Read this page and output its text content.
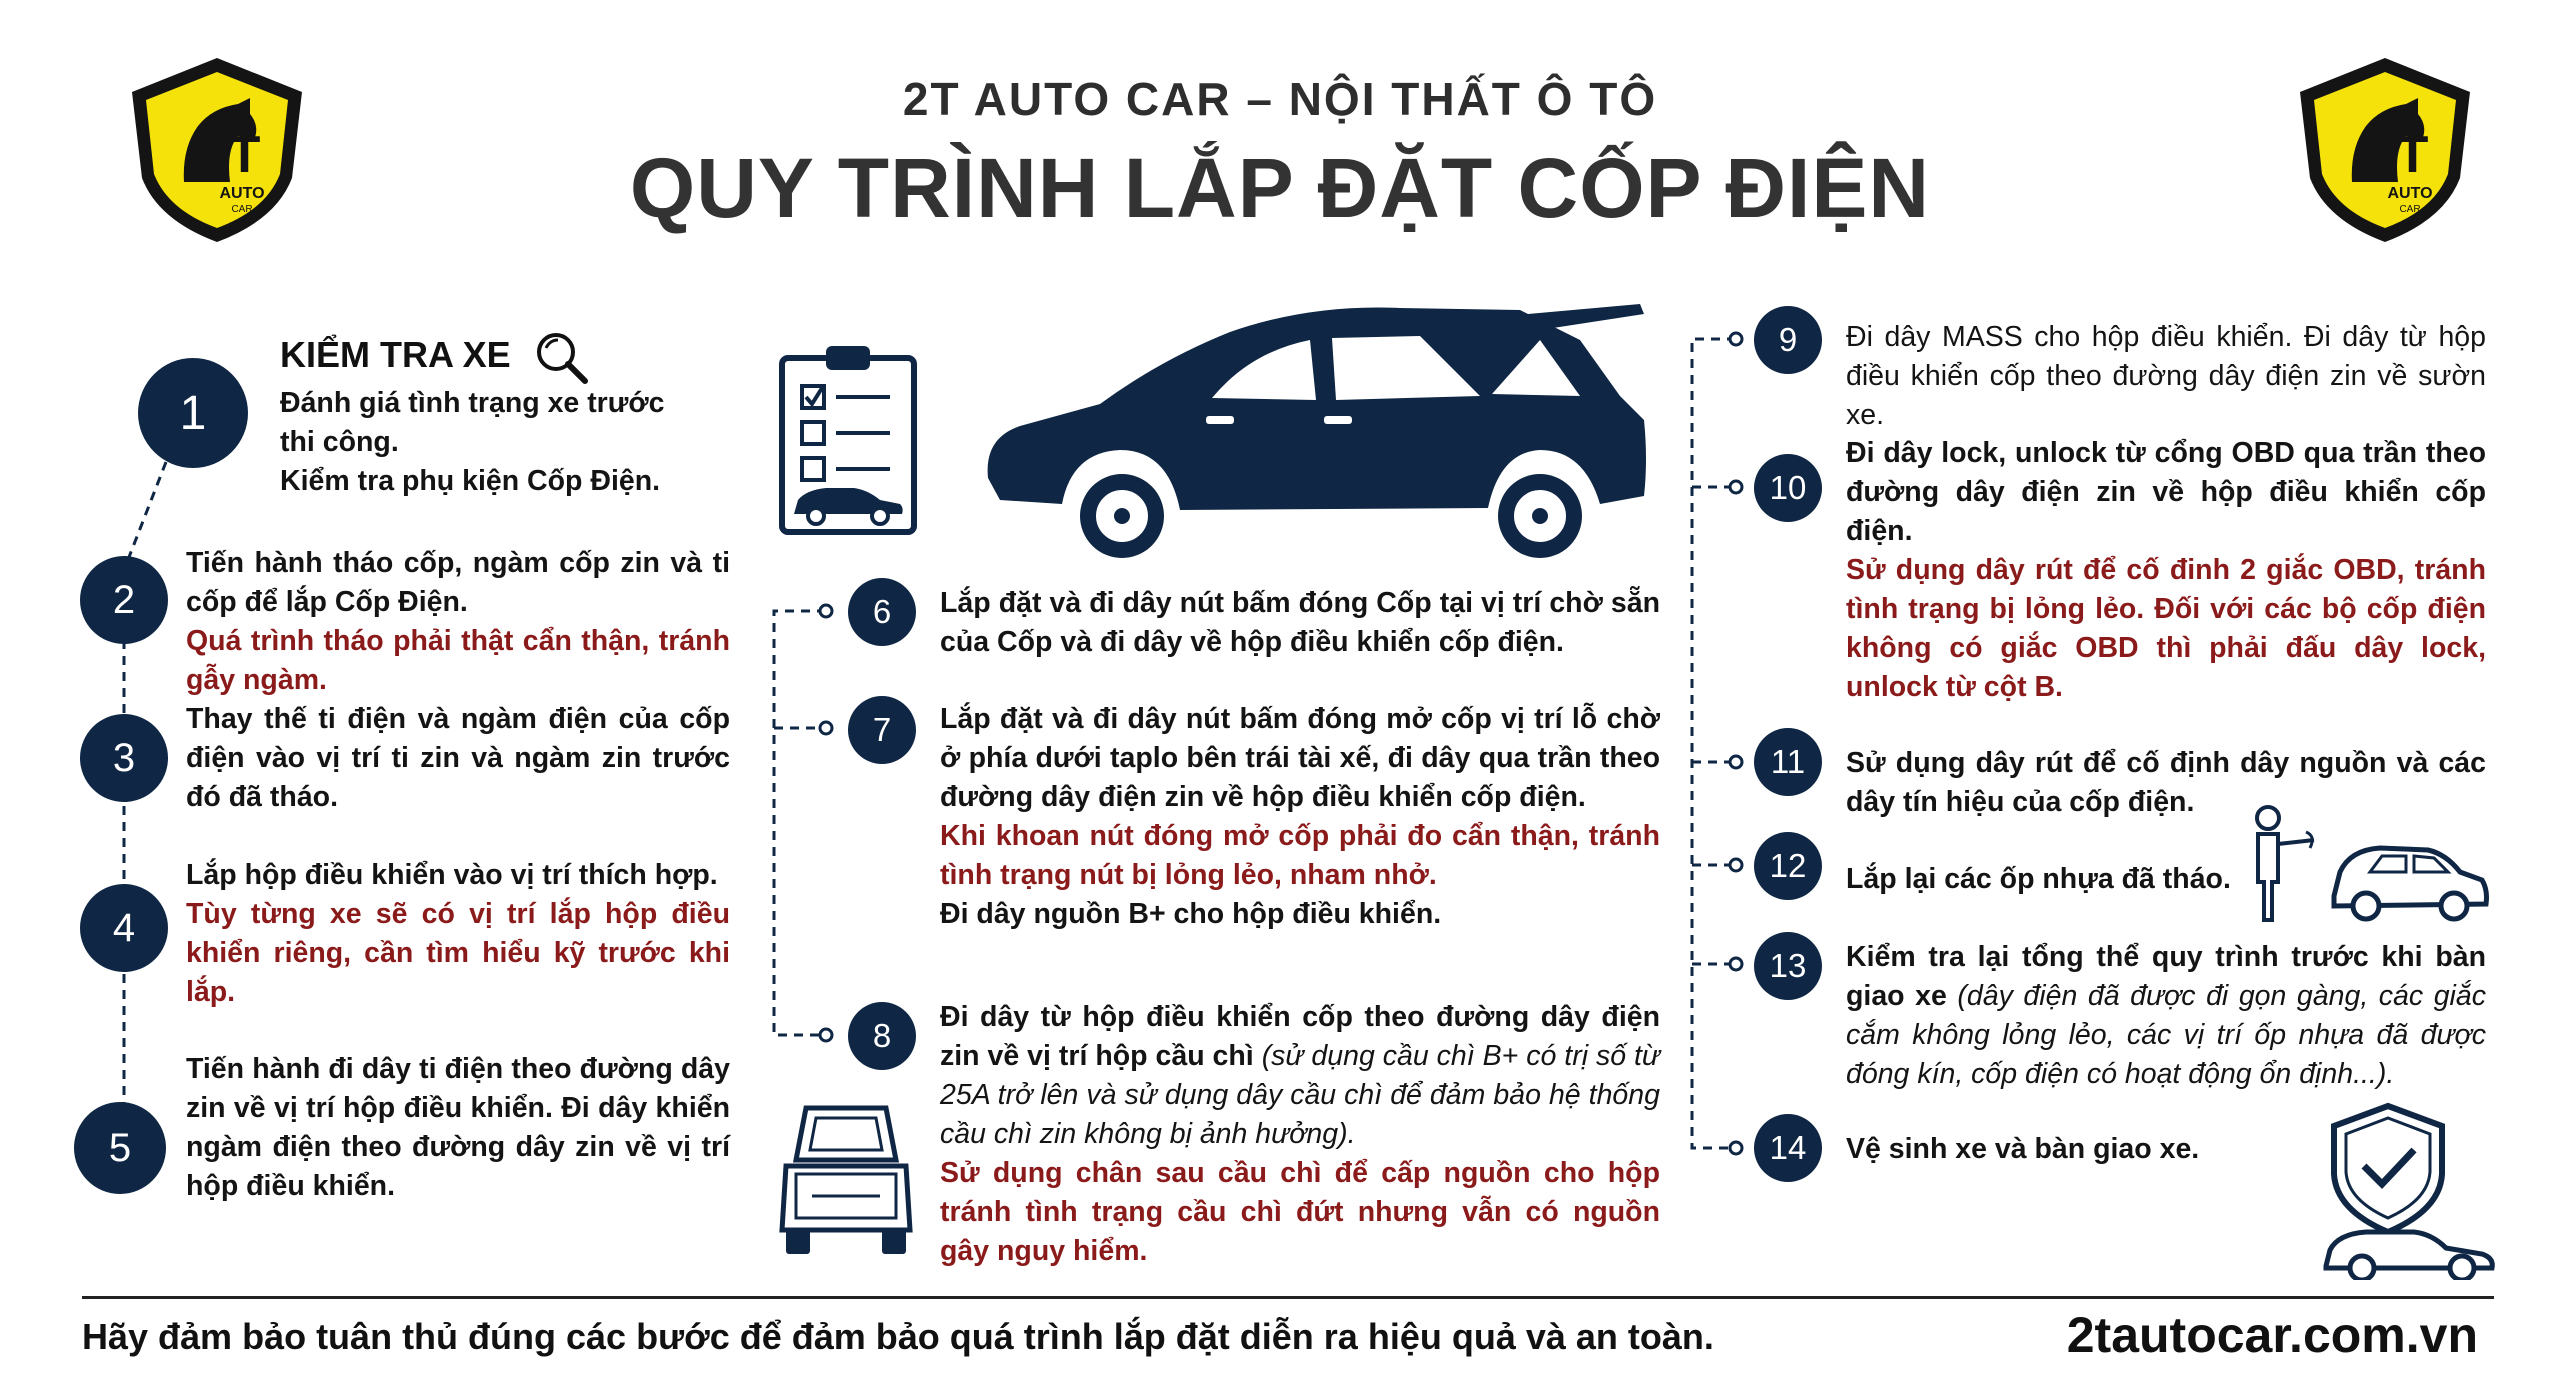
2T
AUTO
CAR
2T
AUTO
CAR
2T AUTO CAR – NỘI THẤT Ô TÔ
QUY TRÌNH LẮP ĐẶT CỐP ĐIỆN
1
KIỂM TRA XE

Đánh giá tình trạng xe trước thi công.

Kiểm tra phụ kiện Cốp Điện.

2

Tiến hành tháo cốp, ngàm cốp zin và ti cốp để lắp Cốp Điện.

Quá trình tháo phải thật cẩn thận, tránh gẫy ngàm.

3

Thay thế ti điện và ngàm điện của cốp điện vào vị trí ti zin và ngàm zin trước đó đã tháo.

4

Lắp hộp điều khiển vào vị trí thích hợp.

Tùy từng xe sẽ có vị trí lắp hộp điều khiển riêng, cần tìm hiểu kỹ trước khi lắp.

5

Tiến hành đi dây ti điện theo đường dây zin về vị trí hộp điều khiển. Đi dây khiển ngàm điện theo đường dây zin về vị trí hộp điều khiển.

6	Lắp đặt và đi dây nút bấm đóng Cốp tại vị trí chờ sẵn của Cốp và đi dây về hộp điều khiển cốp điện.

7	Lắp đặt và đi dây nút bấm đóng mở cốp vị trí lỗ chờ ở phía dưới taplo bên trái tài xế, đi dây qua trần theo đường dây điện zin về hộp điều khiển cốp điện.

Khi khoan nút đóng mở cốp phải đo cẩn thận, tránh tình trạng nút bị lỏng lẻo, nham nhở.

Đi dây nguồn B+ cho hộp điều khiển.

8	Đi dây từ hộp điều khiển cốp theo đường dây điện zin về vị trí hộp cầu chì (sử dụng cầu chì B+ có trị số từ 25A trở lên và sử dụng dây cầu chì để đảm bảo hệ thống cầu chì zin không bị ảnh hưởng).

Sử dụng chân sau cầu chì để cấp nguồn cho hộp tránh tình trạng cầu chì đứt nhưng vẫn có nguồn gây nguy hiểm.

9	Đi dây MASS cho hộp điều khiển. Đi dây từ hộp điều khiển cốp theo đường dây điện zin về sườn xe.

10

Đi dây lock, unlock từ cổng OBD qua trần theo đường dây điện zin về hộp điều khiển cốp điện.

Sử dụng dây rút để cố đinh 2 giắc OBD, tránh tình trạng bị lỏng lẻo. Đối với các bộ cốp điện không có giắc OBD thì phải đấu dây lock, unlock từ cột B.

11	Sử dụng dây rút để cố định dây nguồn và các dây tín hiệu của cốp điện.

12	Lắp lại các ốp nhựa đã tháo.

13	Kiểm tra lại tổng thể quy trình trước khi bàn giao xe (dây điện đã được đi gọn gàng, các giắc cắm không lỏng lẻo, các vị trí ốp nhựa đã được đóng kín, cốp điện có hoạt động ổn định...).

14	Vệ sinh xe và bàn giao xe.

Hãy đảm bảo tuân thủ đúng các bước để đảm bảo quá trình lắp đặt diễn ra hiệu quả và an toàn.	2tautocar.com.vn
